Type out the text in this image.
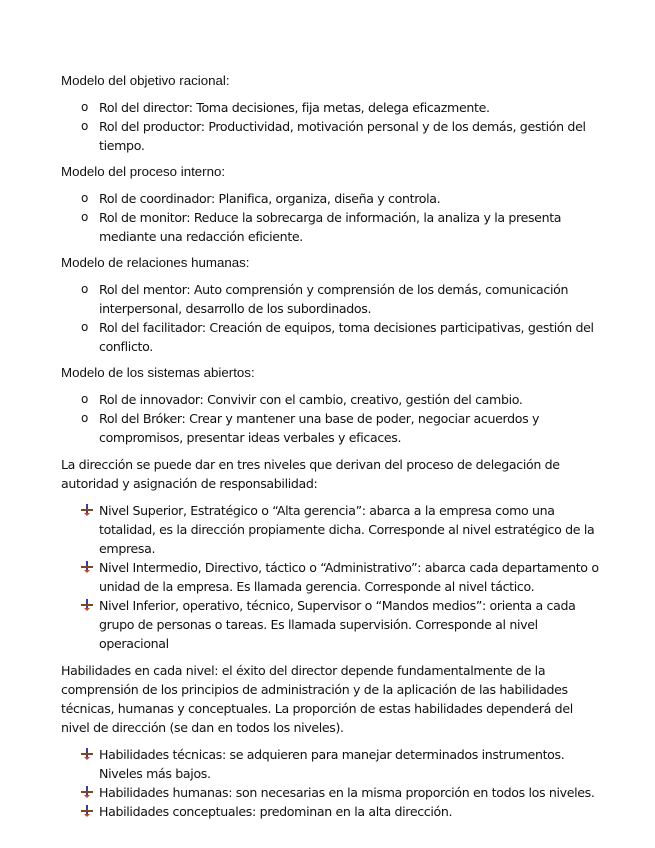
Modelo del objetivo racional:
o Rol del director: Toma decisiones, fija metas, delega eficazmente.
o Rol del productor: Productividad, motivación personal y de los demás, gestión del tiempo.
Modelo del proceso interno:
o Rol de coordinador: Planifica, organiza, diseña y controla.
o Rol de monitor: Reduce la sobrecarga de información, la analiza y la presenta mediante una redacción eficiente.
Modelo de relaciones humanas:
o Rol del mentor: Auto comprensión y comprensión de los demás, comunicación interpersonal, desarrollo de los subordinados.
o Rol del facilitador: Creación de equipos, toma decisiones participativas, gestión del conflicto.
Modelo de los sistemas abiertos:
o Rol de innovador: Convivir con el cambio, creativo, gestión del cambio.
o Rol del Bróker: Crear y mantener una base de poder, negociar acuerdos y compromisos, presentar ideas verbales y eficaces.

La dirección se puede dar en tres niveles que derivan del proceso de delegación de autoridad y asignación de responsabilidad:

Nivel Superior, Estratégico o “Alta gerencia”: abarca a la empresa como una totalidad, es la dirección propiamente dicha. Corresponde al nivel estratégico de la empresa.
Nivel Intermedio, Directivo, táctico o “Administrativo”: abarca cada departamento o unidad de la empresa. Es llamada gerencia. Corresponde al nivel táctico.
Nivel Inferior, operativo, técnico, Supervisor o “Mandos medios”: orienta a cada grupo de personas o tareas. Es llamada supervisión. Corresponde al nivel operacional

Habilidades en cada nivel: el éxito del director depende fundamentalmente de la comprensión de los principios de administración y de la aplicación de las habilidades técnicas, humanas y conceptuales. La proporción de estas habilidades dependerá del nivel de dirección (se dan en todos los niveles).

Habilidades técnicas: se adquieren para manejar determinados instrumentos. Niveles más bajos.
Habilidades humanas: son necesarias en la misma proporción en todos los niveles.
Habilidades conceptuales: predominan en la alta dirección.
